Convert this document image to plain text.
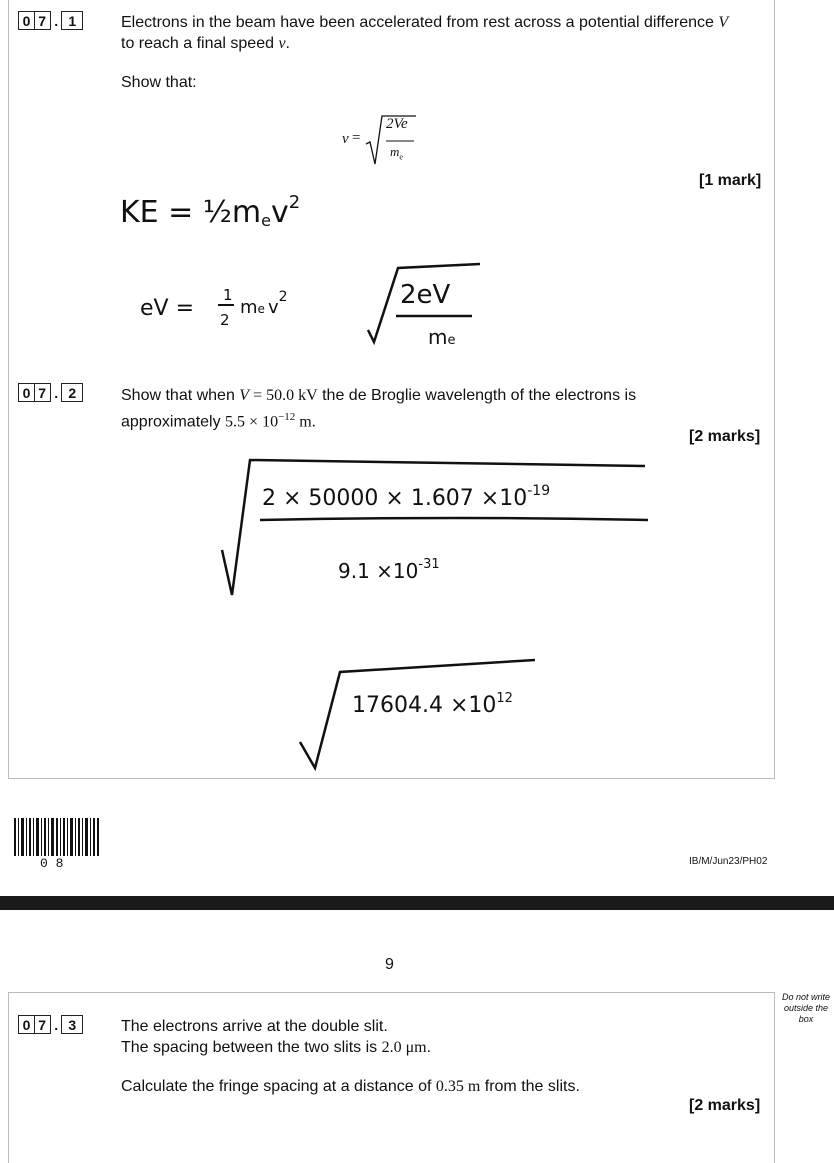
0 7 . 1	Electrons in the beam have been accelerated from rest across a potential difference V
to reach a final speed v.
Show that:
v =
2Ve
$m_e$
[1 mark]
KE = ½mev$^2$
eV =
1
2
me $v^2$	2eV
me
0 7 . 2	Show that when V = 50.0 kV the de Broglie wavelength of the electrons is
approximately $5.5 \times 10^{-12}$ m.
[2 marks]
$2 \times 50000 \times 1.607 \times 10^{-19}$
$9.1 \times 10^{-31}$
$17604.4 \times 10^{12}$
0 8	IB/M/Jun23/PH02
9
Do not write
outside the
box
0 7 . 3	The electrons arrive at the double slit.
The spacing between the two slits is 2.0 μm.
Calculate the fringe spacing at a distance of 0.35 m from the slits.
[2 marks]
